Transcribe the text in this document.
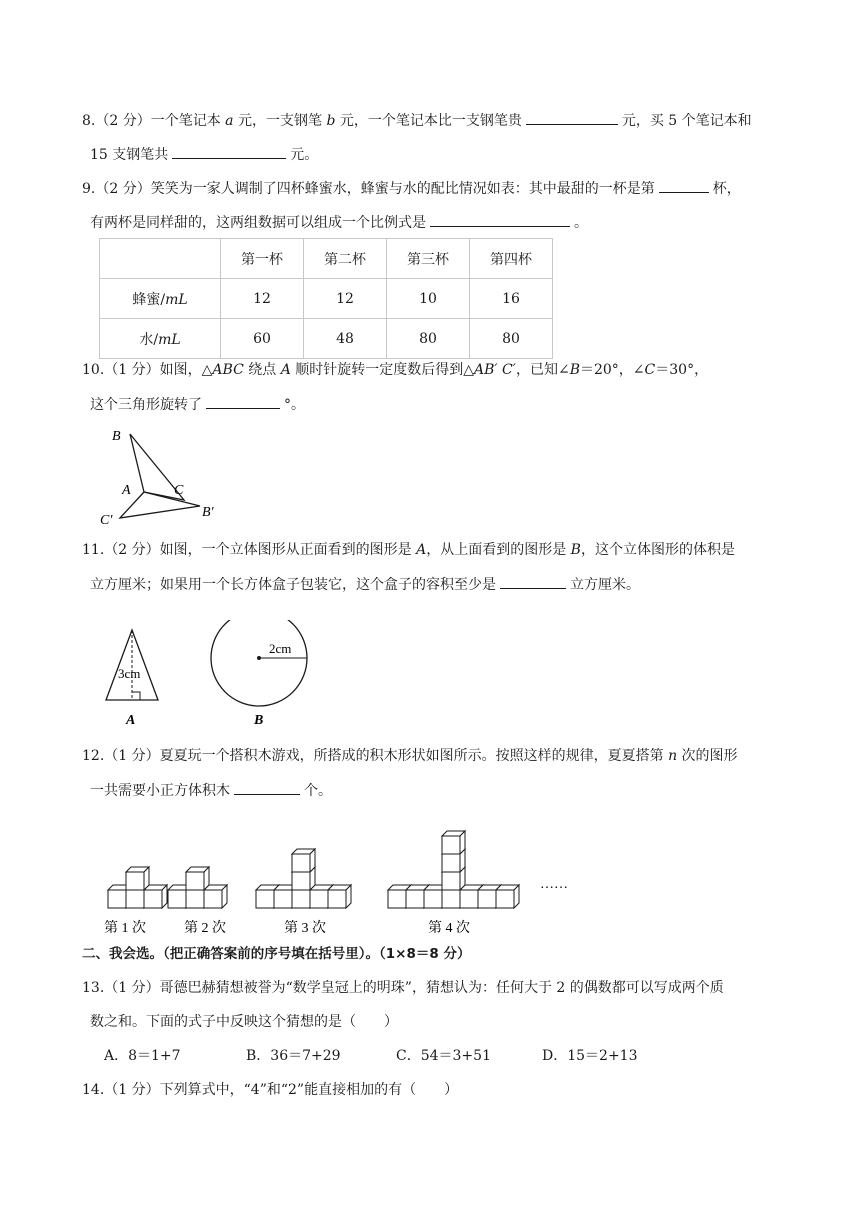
8.（2 分）一个笔记本 a 元，一支钢笔 b 元，一个笔记本比一支钢笔贵	元，买 5 个笔记本和
15 支钢笔共	元。
9.（2 分）笑笑为一家人调制了四杯蜂蜜水，蜂蜜与水的配比情况如表：其中最甜的一杯是第	杯，
有两杯是同样甜的，这两组数据可以组成一个比例式是	。
	第一杯	第二杯	第三杯	第四杯
蜂蜜/mL	12	12	10	16
水/mL	60	48	80	80
10.（1 分）如图，△ABC 绕点 A 顺时针旋转一定度数后得到△AB′ C′，已知∠B＝20°，∠C＝30°，
这个三角形旋转了	°。
B
A	C
C′
B′
11.（2 分）如图，一个立体图形从正面看到的图形是 A，从上面看到的图形是 B，这个立体图形的体积是
立方厘米；如果用一个长方体盒子包装它，这个盒子的容积至少是	立方厘米。
3cm
A
2cm
B
12.（1 分）夏夏玩一个搭积木游戏，所搭成的积木形状如图所示。按照这样的规律，夏夏搭第 n 次的图形
一共需要小正方体积木	个。
第 1 次	第 2 次	第 3 次	第 4 次
……
二、我会选。（把正确答案前的序号填在括号里）。（1×8＝8 分）
13.（1 分）哥德巴赫猜想被誉为“数学皇冠上的明珠”，猜想认为：任何大于 2 的偶数都可以写成两个质
数之和。下面的式子中反映这个猜想的是（　　）
A．8＝1+7	B．36＝7+29	C．54＝3+51	D．15＝2+13
14.（1 分）下列算式中，“4”和“2”能直接相加的有（　　）
